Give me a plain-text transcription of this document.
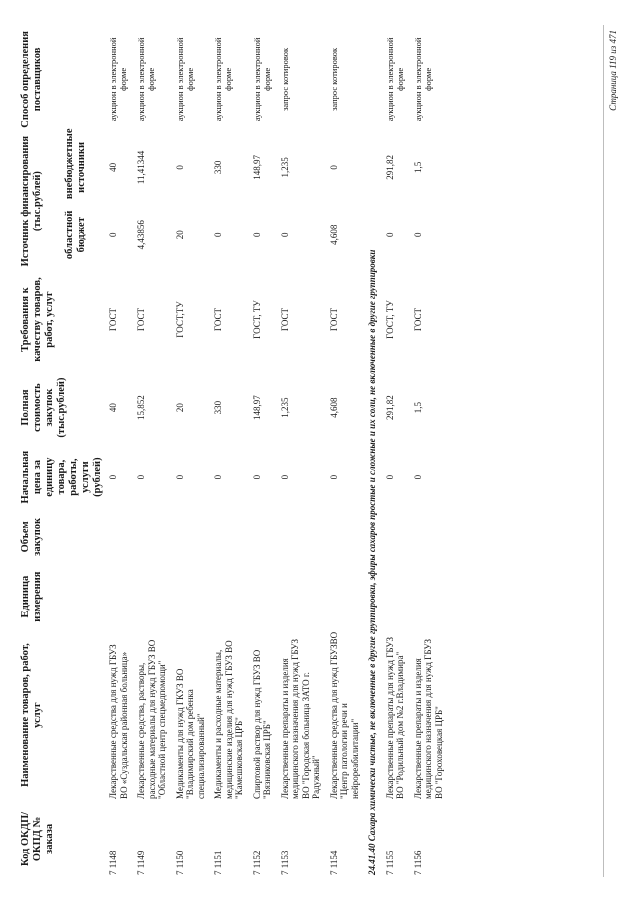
Код ОКДП/ ОКПД № заказа	Наименование товаров, работ, услуг	Единица измерения	Объем закупок	Начальная цена за единицу товара, работы, услуги (рублей)	Полная стоимость закупок (тыс.рублей)	Требования к качеству товаров, работ, услуг	Источник финансирования (тыс.рублей)		Способ определения поставщиков
							областной бюджет	внебюджетные источники	
7 1148	Лекарственные средства для нужд ГБУЗ ВО «Суздальская районная больница»			0	40	ГОСТ	0	40	аукцион в электронной форме
7 1149	Лекарственные средства, растворы, расходные материалы для нужд ГБУЗ ВО "Областной центр спецмедпомощи"			0	15,852	ГОСТ	4,43856	11,41344	аукцион в электронной форме
7 1150	Медикаменты для нужд ГКУЗ ВО "Владимирский дом ребенка специализированный"			0	20	ГОСТ,ТУ	20	0	аукцион в электронной форме
7 1151	Медикаменты и расходные материалы, медицинские изделия для нужд ГБУЗ ВО "Камешковская ЦРБ"			0	330	ГОСТ	0	330	аукцион в электронной форме
7 1152	Спиртовой раствор для нужд ГБУЗ ВО "Вязниковская ЦРБ"			0	148,97	ГОСТ, ТУ	0	148,97	аукцион в электронной форме
7 1153	Лекарственные препараты и изделия медицинского назначения для нужд ГБУЗ ВО "Городская больница ЗАТО г. Радужный"			0	1,235	ГОСТ	0	1,235	запрос котировок
7 1154	Лекарственные средства для нужд ГБУЗВО "Центр патологии речи и нейрореабилитации"			0	4,608	ГОСТ	4,608	0	запрос котировок
24.41.40 Сахара химически чистые, не включенные в другие группировки, эфиры сахаров простые и сложные и их соли, не включенные в другие группировки									
7 1155	Лекарственные препараты для нужд ГБУЗ ВО "Родильный дом №2 г.Владимира"			0	291,82	ГОСТ, ТУ	0	291,82	аукцион в электронной форме
7 1156	Лекарственные препараты и изделия медицинского назначения для нужд ГБУЗ ВО "Гороховецкая ЦРБ"			0	1,5	ГОСТ	0	1,5	аукцион в электронной форме	Страница 119 из 471
